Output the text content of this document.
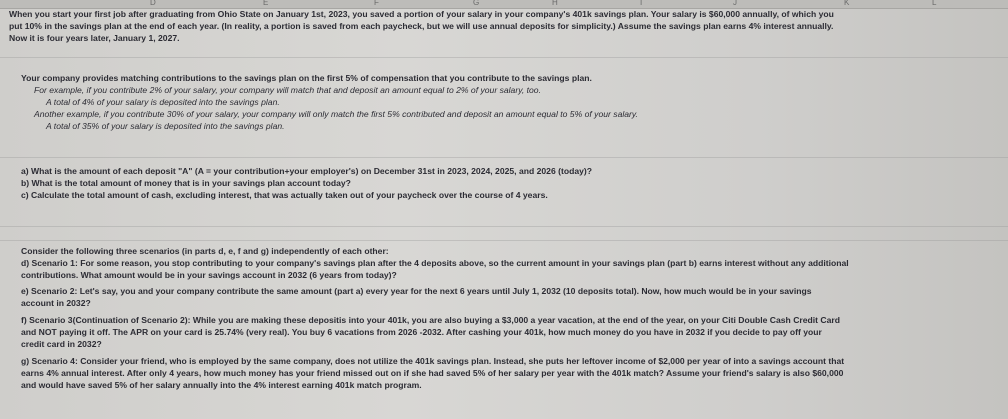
D	E	F	G	H	I	J	K	L
When you start your first job after graduating from Ohio State on January 1st, 2023, you saved a portion of your salary in your company's 401k savings plan. Your salary is $60,000 annually, of which you
put 10% in the savings plan at the end of each year. (In reality, a portion is saved from each paycheck, but we will use annual deposits for simplicity.) Assume the savings plan earns 4% interest annually.
Now it is four years later, January 1, 2027.
Your company provides matching contributions to the savings plan on the first 5% of compensation that you contribute to the savings plan.
For example, if you contribute 2% of your salary, your company will match that and deposit an amount equal to 2% of your salary, too.
A total of 4% of your salary is deposited into the savings plan.
Another example, if you contribute 30% of your salary, your company will only match the first 5% contributed and deposit an amount equal to 5% of your salary.
A total of 35% of your salary is deposited into the savings plan.
a) What is the amount of each deposit "A" (A = your contribution+your employer's) on December 31st in 2023, 2024, 2025, and 2026 (today)?
b) What is the total amount of money that is in your savings plan account today?
c) Calculate the total amount of cash, excluding interest, that was actually taken out of your paycheck over the course of 4 years.
Consider the following three scenarios (in parts d, e, f and g) independently of each other:
d) Scenario 1: For some reason, you stop contributing to your company's savings plan after the 4 deposits above, so the current amount in your savings plan (part b) earns interest without any additional
contributions. What amount would be in your savings account in 2032 (6 years from today)?
e) Scenario 2: Let's say, you and your company contribute the same amount (part a) every year for the next 6 years until July 1, 2032 (10 deposits total). Now, how much would be in your savings
account in 2032?
f) Scenario 3(Continuation of Scenario 2): While you are making these depositis into your 401k, you are also buying a $3,000 a year vacation, at the end of the year, on your Citi Double Cash Credit Card
and NOT paying it off. The APR on your card is 25.74% (very real). You buy 6 vacations from 2026 -2032. After cashing your 401k, how much money do you have in 2032 if you decide to pay off your
credit card in 2032?
g) Scenario 4: Consider your friend, who is employed by the same company, does not utilize the 401k savings plan. Instead, she puts her leftover income of $2,000 per year of into a savings account that
earns 4% annual interest. After only 4 years, how much money has your friend missed out on if she had saved 5% of her salary per year with the 401k match? Assume your friend's salary is also $60,000
and would have saved 5% of her salary annually into the 4% interest earning 401k match program.
